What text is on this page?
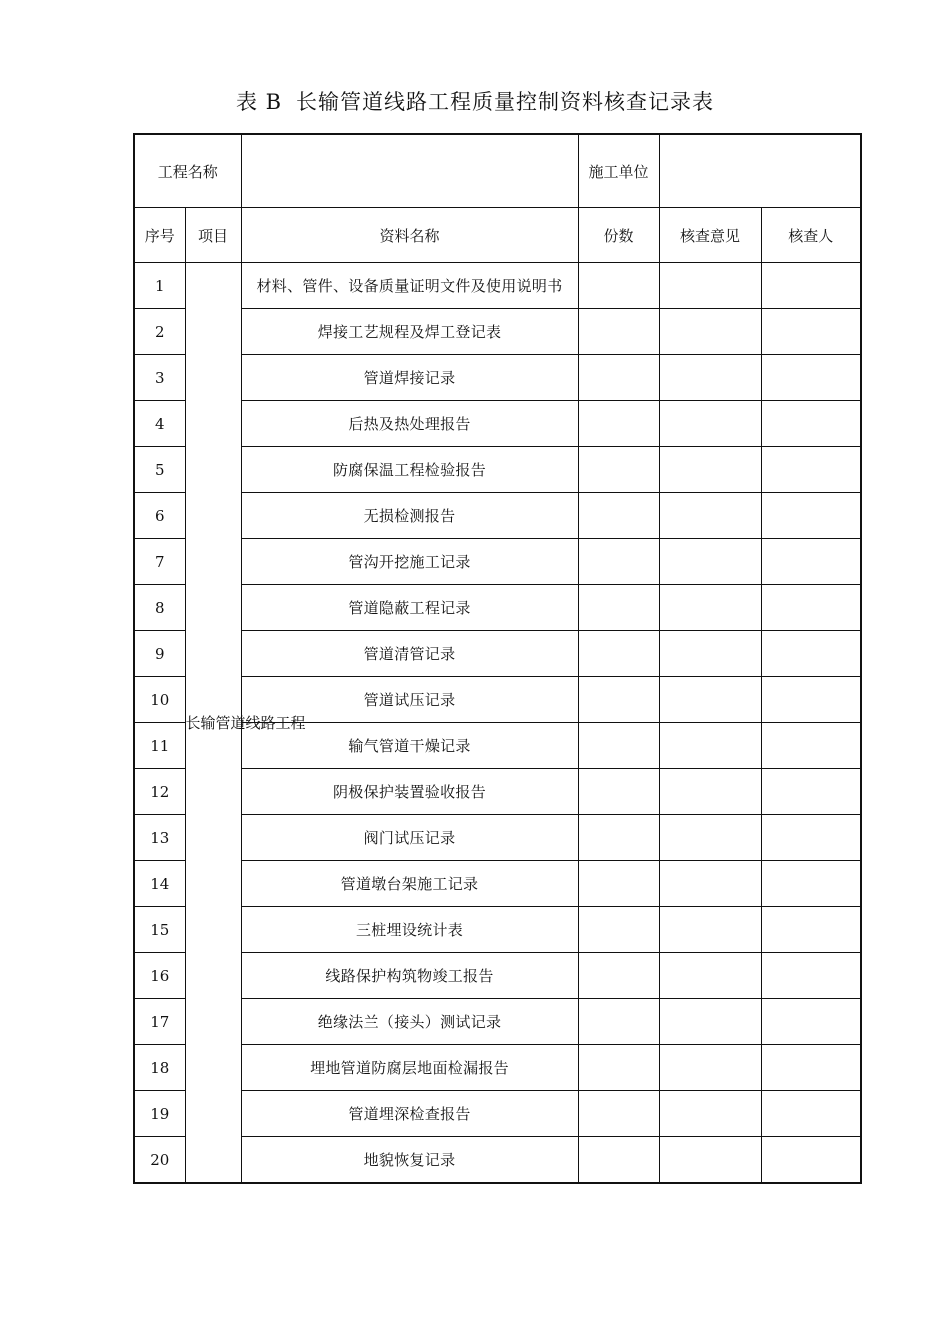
表 B 长输管道线路工程质量控制资料核查记录表
工程名称			施工单位		
序号	项目	资料名称	份数	核查意见	核查人
1	长输管道线路工程	材料、管件、设备质量证明文件及使用说明书			
2		焊接工艺规程及焊工登记表			
3		管道焊接记录			
4		后热及热处理报告			
5		防腐保温工程检验报告			
6		无损检测报告			
7		管沟开挖施工记录			
8		管道隐蔽工程记录			
9		管道清管记录			
10		管道试压记录			
11		输气管道干燥记录			
12		阴极保护装置验收报告			
13		阀门试压记录			
14		管道墩台架施工记录			
15		三桩埋设统计表			
16		线路保护构筑物竣工报告			
17		绝缘法兰（接头）测试记录			
18		埋地管道防腐层地面检漏报告			
19		管道埋深检查报告			
20		地貌恢复记录			
